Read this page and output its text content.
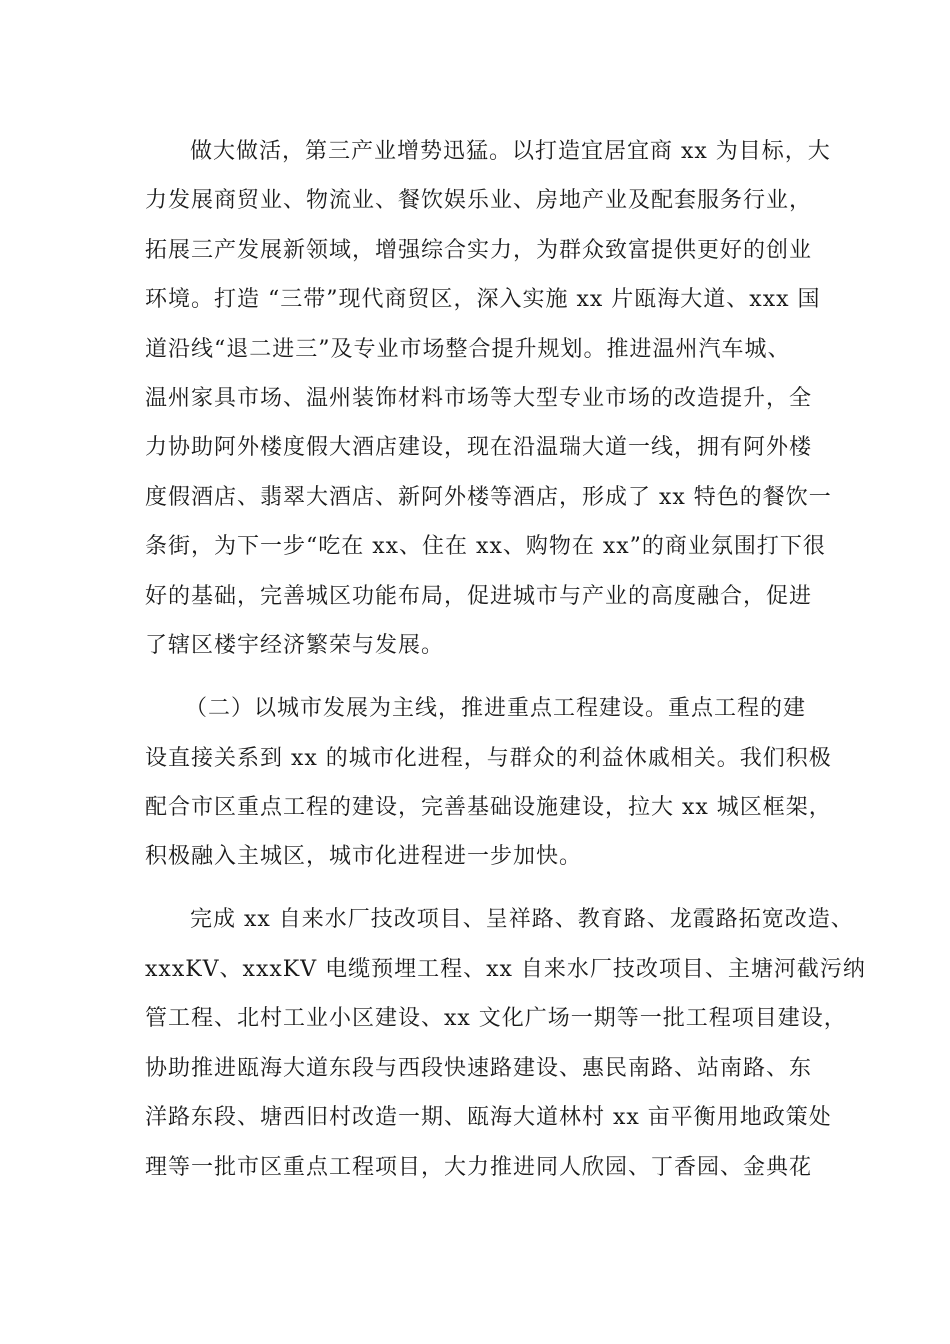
做大做活，第三产业增势迅猛。以打造宜居宜商 xx 为目标，大
力发展商贸业、物流业、餐饮娱乐业、房地产业及配套服务行业，
拓展三产发展新领域，增强综合实力，为群众致富提供更好的创业
环境。打造 “三带”现代商贸区，深入实施 xx 片瓯海大道、xxx 国
道沿线“退二进三”及专业市场整合提升规划。推进温州汽车城、
温州家具市场、温州装饰材料市场等大型专业市场的改造提升，全
力协助阿外楼度假大酒店建设，现在沿温瑞大道一线，拥有阿外楼
度假酒店、翡翠大酒店、新阿外楼等酒店，形成了 xx 特色的餐饮一
条街，为下一步“吃在 xx、住在 xx、购物在 xx”的商业氛围打下很
好的基础，完善城区功能布局，促进城市与产业的高度融合，促进
了辖区楼宇经济繁荣与发展。
（二）以城市发展为主线，推进重点工程建设。重点工程的建
设直接关系到 xx 的城市化进程，与群众的利益休戚相关。我们积极
配合市区重点工程的建设，完善基础设施建设，拉大 xx 城区框架，
积极融入主城区，城市化进程进一步加快。
完成 xx 自来水厂技改项目、呈祥路、教育路、龙霞路拓宽改造、
xxxKV、xxxKV 电缆预埋工程、xx 自来水厂技改项目、主塘河截污纳
管工程、北村工业小区建设、xx 文化广场一期等一批工程项目建设，
协助推进瓯海大道东段与西段快速路建设、惠民南路、站南路、东
洋路东段、塘西旧村改造一期、瓯海大道林村 xx 亩平衡用地政策处
理等一批市区重点工程项目，大力推进同人欣园、丁香园、金典花
